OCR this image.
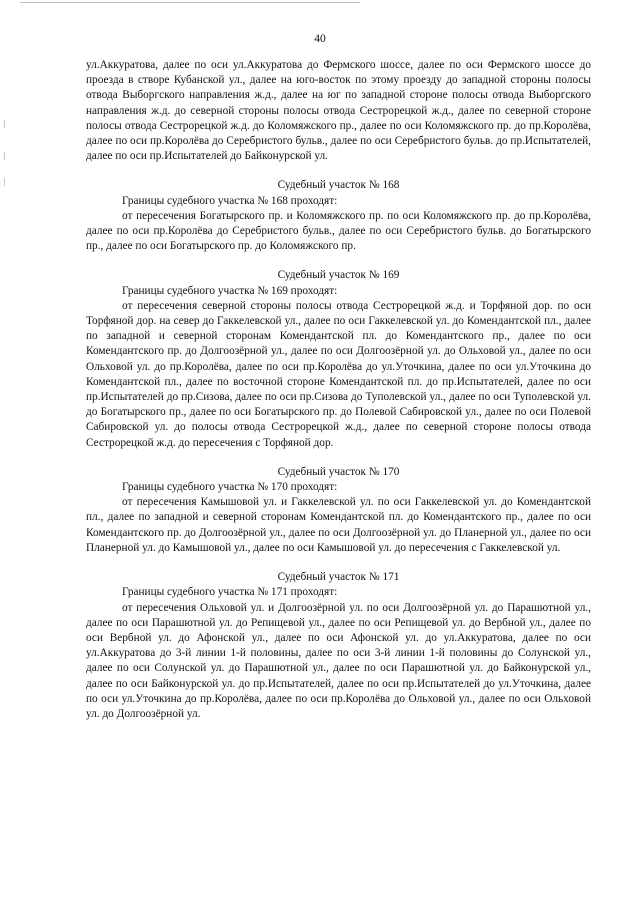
40

ул.Аккуратова, далее по оси ул.Аккуратова до Фермского шоссе, далее по оси Фермского шоссе до проезда в створе Кубанской ул., далее на юго-восток по этому проезду до западной стороны полосы отвода Выборгского направления ж.д., далее на юг по западной стороне полосы отвода Выборгского направления ж.д. до северной стороны полосы отвода Сестрорецкой ж.д., далее по северной стороне полосы отвода Сестрорецкой ж.д. до Коломяжского пр., далее по оси Коломяжского пр. до пр.Королёва, далее по оси пр.Королёва до Серебристого бульв., далее по оси Серебристого бульв. до пр.Испытателей, далее по оси пр.Испытателей до Байконурской ул.

Судебный участок № 168

Границы судебного участка № 168 проходят:

от пересечения Богатырского пр. и Коломяжского пр. по оси Коломяжского пр. до пр.Королёва, далее по оси пр.Королёва до Серебристого бульв., далее по оси Серебристого бульв. до Богатырского пр., далее по оси Богатырского пр. до Коломяжского пр.

Судебный участок № 169

Границы судебного участка № 169 проходят:

от пересечения северной стороны полосы отвода Сестрорецкой ж.д. и Торфяной дор. по оси Торфяной дор. на север до Гаккелевской ул., далее по оси Гаккелевской ул. до Комендантской пл., далее по западной и северной сторонам Комендантской пл. до Комендантского пр., далее по оси Комендантского пр. до Долгоозёрной ул., далее по оси Долгоозёрной ул. до Ольховой ул., далее по оси Ольховой ул. до пр.Королёва, далее по оси пр.Королёва до ул.Уточкина, далее по оси ул.Уточкина до Комендантской пл., далее по восточной стороне Комендантской пл. до пр.Испытателей, далее по оси пр.Испытателей до пр.Сизова, далее по оси пр.Сизова до Туполевской ул., далее по оси Туполевской ул. до Богатырского пр., далее по оси Богатырского пр. до Полевой Сабировской ул., далее по оси Полевой Сабировской ул. до полосы отвода Сестрорецкой ж.д., далее по северной стороне полосы отвода Сестрорецкой ж.д. до пересечения с Торфяной дор.

Судебный участок № 170

Границы судебного участка № 170 проходят:

от пересечения Камышовой ул. и Гаккелевской ул. по оси Гаккелевской ул. до Комендантской пл., далее по западной и северной сторонам Комендантской пл. до Комендантского пр., далее по оси Комендантского пр. до Долгоозёрной ул., далее по оси Долгоозёрной ул. до Планерной ул., далее по оси Планерной ул. до Камышовой ул., далее по оси Камышовой ул. до пересечения с Гаккелевской ул.

Судебный участок № 171

Границы судебного участка № 171 проходят:

от пересечения Ольховой ул. и Долгоозёрной ул. по оси Долгоозёрной ул. до Парашютной ул., далее по оси Парашютной ул. до Репищевой ул., далее по оси Репищевой ул. до Вербной ул., далее по оси Вербной ул. до Афонской ул., далее по оси Афонской ул. до ул.Аккуратова, далее по оси ул.Аккуратова до 3-й линии 1-й половины, далее по оси 3-й линии 1-й половины до Солунской ул., далее по оси Солунской ул. до Парашютной ул., далее по оси Парашютной ул. до Байконурской ул., далее по оси Байконурской ул. до пр.Испытателей, далее по оси пр.Испытателей до ул.Уточкина, далее по оси ул.Уточкина до пр.Королёва, далее по оси пр.Королёва до Ольховой ул., далее по оси Ольховой ул. до Долгоозёрной ул.
